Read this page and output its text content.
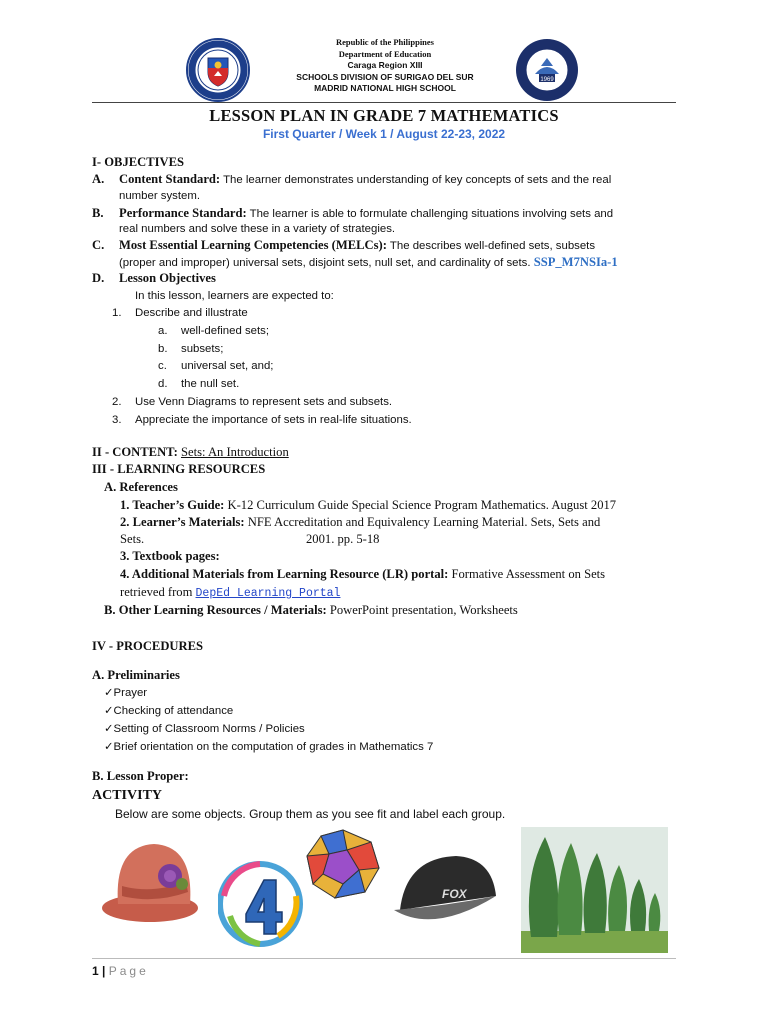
Republic of the Philippines
Department of Education
Caraga Region XIII
SCHOOLS DIVISION OF SURIGAO DEL SUR
MADRID NATIONAL HIGH SCHOOL
1969
LESSON PLAN IN GRADE 7 MATHEMATICS
First Quarter / Week 1 / August 22-23, 2022
I- OBJECTIVES
A. Content Standard: The learner demonstrates understanding of key concepts of sets and the real
number system.
B. Performance Standard: The learner is able to formulate challenging situations involving sets and
real numbers and solve these in a variety of strategies.
C. Most Essential Learning Competencies (MELCs): The describes well-defined sets, subsets
(proper and improper) universal sets, disjoint sets, null set, and cardinality of sets. SSP_M7NSIa-1
D. Lesson Objectives
In this lesson, learners are expected to:
1. Describe and illustrate
a. well-defined sets;
b. subsets;
c. universal set, and;
d. the null set.
2. Use Venn Diagrams to represent sets and subsets.
3. Appreciate the importance of sets in real-life situations.
II - CONTENT: Sets: An Introduction
III - LEARNING RESOURCES
A. References
1. Teacher’s Guide: K-12 Curriculum Guide Special Science Program Mathematics. August 2017
2. Learner’s Materials: NFE Accreditation and Equivalency Learning Material. Sets, Sets and
Sets.	2001. pp. 5-18
3. Textbook pages:
4. Additional Materials from Learning Resource (LR) portal: Formative Assessment on Sets
retrieved from DepEd Learning Portal
B. Other Learning Resources / Materials: PowerPoint presentation, Worksheets
IV - PROCEDURES
A. Preliminaries
✓Prayer
✓Checking of attendance
✓Setting of Classroom Norms / Policies
✓Brief orientation on the computation of grades in Mathematics 7
B. Lesson Proper:
ACTIVITY
Below are some objects. Group them as you see fit and label each group.
FOX
1 | Page
